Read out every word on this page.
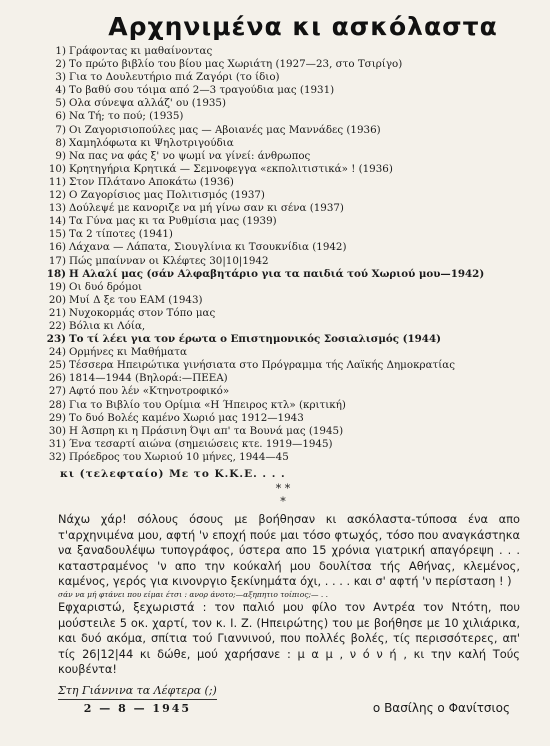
Αρχηνιμένα κι ασκόλαστα
1) Γράφοντας κι μαθαίνοντας
2) Το πρώτο βιβλίο του βίου μας Χωριάτη (1927—23, στο Τσιρίγο)
3) Για το Δουλευτήριο πιά Ζαγόρι (το ίδιο)
4) Το βαθύ σου τόιμα από 2—3 τραγούδια μας (1931)
5) Ολα σύνεψα αλλάζ' ου (1935)
6) Να Τή; το πού; (1935)
7) Οι Ζαγορισιοπούλες μας — Αβοιανές μας Μαννάδες (1936)
8) Χαμηλόφωτα κι Ψηλοτριγούδια
9) Να πας να φάς ξ' νο ψωμί να γίνεί: άνθρωπος
10) Κρητηγήρια Κρητικά — Σεμνοφεγγα «εκπολιτιστικά» ! (1936)
11) Στον Πλάτανο Αποκάτω (1936)
12) Ο Ζαγορίσιος μας Πολιτισμός (1937)
13) Δούλεψέ με κανοριζε να μή γίνω σαν κι σένα (1937)
14) Τα Γύνα μας κι τα Ρυθμίσια μας (1939)
15) Τα 2 τίποτες (1941)
16) Λάχανα — Λάπατα, Σιουγλίνια κι Τσουκνίδια (1942)
17) Πώς μπαίνναν οι Κλέφτες 30|10|1942
18) Η Αλαλί μας (σάν Αλφαβητάριο για τα παιδιά τού Χωριού μου—1942)
19) Οι δυό δρόμοι
20) Μυί Δ ξε του ΕΑΜ (1943)
21) Νυχοκορμάς στον Τόπο μας
22) Βόλια κι Λόία,
23) Το τί λέει για τον έρωτα ο Επιστημονικός Σοσιαλισμός (1944)
24) Ορμήνες κι Μαθήματα
25) Τέσσερα Ηπειρώτικα γινήσιατα στο Πρόγραμμα τής Λαϊκής Δημοκρατίας
26) 1814—1944 (Βηλορά:—ΠΕΕΑ)
27) Αφτό που λέν «Κτηνοτροφικό»
28) Για το Βιβλίο του Ορίμια «Η Ήπειρος κτλ» (κριτική)
29) Το δυό Βολές καμένο Χωριό μας 1912—1943
30) Η Άσπρη κι η Πράσινη Όψι απ' τα Βουνά μας (1945)
31) Ένα τεσαρτί αιώνα (σημειώσεις κτε. 1919—1945)
32) Πρόεδρος του Χωριού 10 μήνες, 1944—45
κι (τελεφταίο) Με το Κ.Κ.Ε. . . .
* *
*

Νάχω χάρ! σόλους όσους με βοήθησαν κι ασκόλαστα-τύποσα ένα απο τ'αρχηνιμένα μου, αφτή 'ν εποχή πούε μαι τόσο φτωχός, τόσο που αναγκάστηκα να ξαναδουλέψω τυπογράφος, ύστερα απο 15 χρόνια γιατρική απαγόρεψη . . . καταστραμένος 'ν απο την κούκαλή μου δουλίτσα τής Αθήνας, κλεμένος, καμένος, γερός για κινονργιο ξεκίνημάτα όχι, . . . . και σ' αφτή 'ν περίσταση ! )

σάν να μή φτάνει που είμαι έτσι : ανορ άνοτο;—αξηπητιο τοίπιος;— . .

Εφχαριστώ, ξεχωριστά : τον παλιό μου φίλο τον Αντρέα τον Ντότη, που μούστειλε 5 οκ. χαρτί, τον κ. Ι. Ζ. (Ηπειρώτης) του με βοήθησε με 10 χιλιάρικα, και δυό ακόμα, σπίτια τού Γιαννινού, που πολλές βολές, τίς περισσότερες, απ' τίς 26|12|44 κι δώθε, μού χαρήσανε : μ α μ , ν ό ν ή , κι την καλή Τούς κουβέντα!

Στη Γιάννινα τα Λέφτερα (;)
2 — 8 — 1945	ο Βασίλης ο Φανίτσιος
